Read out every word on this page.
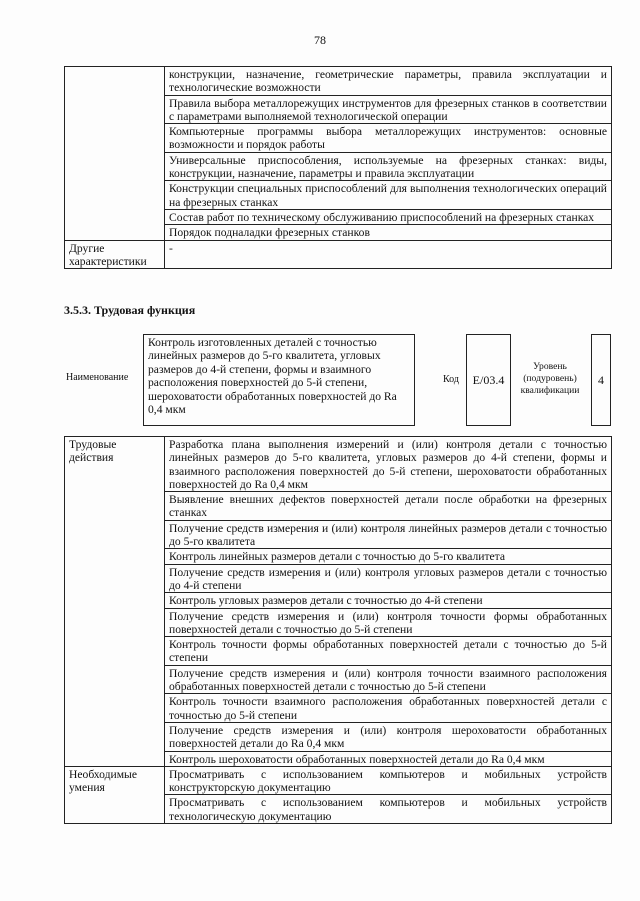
78
	конструкции, назначение, геометрические параметры, правила эксплуатации и технологические возможности
	Правила выбора металлорежущих инструментов для фрезерных станков в соответствии с параметрами выполняемой технологической операции
	Компьютерные программы выбора металлорежущих инструментов: основные возможности и порядок работы
	Универсальные приспособления, используемые на фрезерных станках: виды, конструкции, назначение, параметры и правила эксплуатации
	Конструкции специальных приспособлений для выполнения технологических операций на фрезерных станках
	Состав работ по техническому обслуживанию приспособлений на фрезерных станках
	Порядок подналадки фрезерных станков
Другие характеристики	-
3.5.3. Трудовая функция
Наименование
Контроль изготовленных деталей с точностью линейных размеров до 5-го квалитета, угловых размеров до 4-й степени, формы и взаимного расположения поверхностей до 5-й степени, шероховатости обработанных поверхностей до Ra 0,4 мкм
Код	E/03.4
Уровень (подуровень) квалификации
4
Трудовые действия	Разработка плана выполнения измерений и (или) контроля детали с точностью линейных размеров до 5-го квалитета, угловых размеров до 4-й степени, формы и взаимного расположения поверхностей до 5-й степени, шероховатости обработанных поверхностей до Ra 0,4 мкм
	Выявление внешних дефектов поверхностей детали после обработки на фрезерных станках
	Получение средств измерения и (или) контроля линейных размеров детали с точностью до 5-го квалитета
	Контроль линейных размеров детали с точностью до 5-го квалитета
	Получение средств измерения и (или) контроля угловых размеров детали с точностью до 4-й степени
	Контроль угловых размеров детали с точностью до 4-й степени
	Получение средств измерения и (или) контроля точности формы обработанных поверхностей детали с точностью до 5-й степени
	Контроль точности формы обработанных поверхностей детали с точностью до 5-й степени
	Получение средств измерения и (или) контроля точности взаимного расположения обработанных поверхностей детали с точностью до 5-й степени
	Контроль точности взаимного расположения обработанных поверхностей детали с точностью до 5-й степени
	Получение средств измерения и (или) контроля шероховатости обработанных поверхностей детали до Ra 0,4 мкм
	Контроль шероховатости обработанных поверхностей детали до Ra 0,4 мкм
Необходимые умения	Просматривать с использованием компьютеров и мобильных устройств конструкторскую документацию
	Просматривать с использованием компьютеров и мобильных устройств технологическую документацию
